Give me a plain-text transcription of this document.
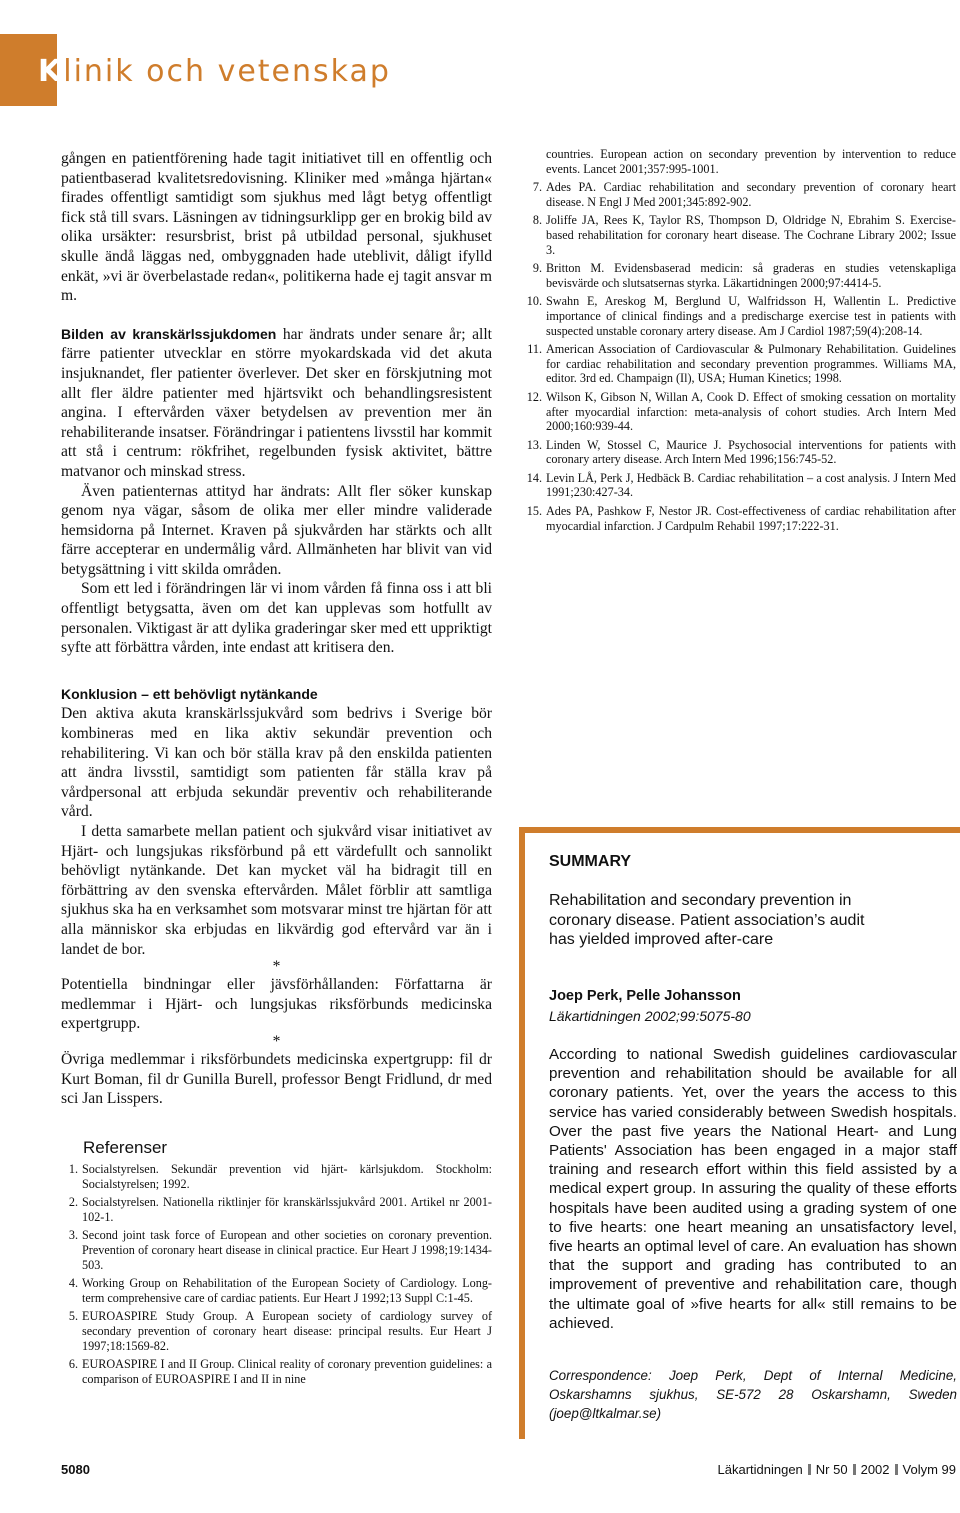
Klinik och vetenskap

gången en patientförening hade tagit initiativet till en offentlig och patientbaserad kvalitetsredovisning. Kliniker med »många hjärtan« firades offentligt samtidigt som sjukhus med lågt betyg offentligt fick stå till svars. Läsningen av tidningsurklipp ger en brokig bild av olika ursäkter: resursbrist, brist på utbildad personal, sjukhuset skulle ändå läggas ned, ombyggnaden hade uteblivit, dåligt ifylld enkät, »vi är överbelastade redan«, politikerna hade ej tagit ansvar m m.

Bilden av kranskärlssjukdomen har ändrats under senare år; allt färre patienter utvecklar en större myokardskada vid det akuta insjuknandet, fler patienter överlever. Det sker en förskjutning mot allt fler äldre patienter med hjärtsvikt och behandlingsresistent angina. I eftervården växer betydelsen av prevention mer än rehabiliterande insatser. Förändringar i patientens livsstil har kommit att stå i centrum: rökfrihet, regelbunden fysisk aktivitet, bättre matvanor och minskad stress.

Även patienternas attityd har ändrats: Allt fler söker kunskap genom nya vägar, såsom de olika mer eller mindre validerade hemsidorna på Internet. Kraven på sjukvården har stärkts och allt färre accepterar en undermålig vård. Allmänheten har blivit van vid betygsättning i vitt skilda områden.

Som ett led i förändringen lär vi inom vården få finna oss i att bli offentligt betygsatta, även om det kan upplevas som hotfullt av personalen. Viktigast är att dylika graderingar sker med ett uppriktigt syfte att förbättra vården, inte endast att kritisera den.

Konklusion – ett behövligt nytänkande

Den aktiva akuta kranskärlssjukvård som bedrivs i Sverige bör kombineras med en lika aktiv sekundär prevention och rehabilitering. Vi kan och bör ställa krav på den enskilda patienten att ändra livsstil, samtidigt som patienten får ställa krav på vårdpersonal att erbjuda sekundär preventiv och rehabiliterande vård.

I detta samarbete mellan patient och sjukvård visar initiativet av Hjärt- och lungsjukas riksförbund på ett värdefullt och sannolikt behövligt nytänkande. Det kan mycket väl ha bidragit till en förbättring av den svenska eftervården. Målet förblir att samtliga sjukhus ska ha en verksamhet som motsvarar minst tre hjärtan för att alla människor ska erbjudas en likvärdig god eftervård var än i landet de bor.

*

Potentiella bindningar eller jävsförhållanden: Författarna är medlemmar i Hjärt- och lungsjukas riksförbunds medicinska expertgrupp.

*

Övriga medlemmar i riksförbundets medicinska expertgrupp: fil dr Kurt Boman, fil dr Gunilla Burell, professor Bengt Fridlund, dr med sci Jan Lisspers.

Referenser
1. Socialstyrelsen. Sekundär prevention vid hjärt- kärlsjukdom. Stockholm: Socialstyrelsen; 1992.
2. Socialstyrelsen. Nationella riktlinjer för kranskärlssjukvård 2001. Artikel nr 2001-102-1.
3. Second joint task force of European and other societies on coronary prevention. Prevention of coronary heart disease in clinical practice. Eur Heart J 1998;19:1434-503.
4. Working Group on Rehabilitation of the European Society of Cardiology. Long-term comprehensive care of cardiac patients. Eur Heart J 1992;13 Suppl C:1-45.
5. EUROASPIRE Study Group. A European society of cardiology survey of secondary prevention of coronary heart disease: principal results. Eur Heart J 1997;18:1569-82.
6. EUROASPIRE I and II Group. Clinical reality of coronary prevention guidelines: a comparison of EUROASPIRE I and II in nine
countries. European action on secondary prevention by intervention to reduce events. Lancet 2001;357:995-1001.
7. Ades PA. Cardiac rehabilitation and secondary prevention of coronary heart disease. N Engl J Med 2001;345:892-902.
8. Joliffe JA, Rees K, Taylor RS, Thompson D, Oldridge N, Ebrahim S. Exercise-based rehabilitation for coronary heart disease. The Cochrane Library 2002; Issue 3.
9. Britton M. Evidensbaserad medicin: så graderas en studies vetenskapliga bevisvärde och slutsatsernas styrka. Läkartidningen 2000;97:4414-5.
10. Swahn E, Areskog M, Berglund U, Walfridsson H, Wallentin L. Predictive importance of clinical findings and a predischarge exercise test in patients with suspected unstable coronary artery disease. Am J Cardiol 1987;59(4):208-14.
11. American Association of Cardiovascular & Pulmonary Rehabilitation. Guidelines for cardiac rehabilitation and secondary prevention programmes. Williams MA, editor. 3rd ed. Champaign (Il), USA; Human Kinetics; 1998.
12. Wilson K, Gibson N, Willan A, Cook D. Effect of smoking cessation on mortality after myocardial infarction: meta-analysis of cohort studies. Arch Intern Med 2000;160:939-44.
13. Linden W, Stossel C, Maurice J. Psychosocial interventions for patients with coronary artery disease. Arch Intern Med 1996;156:745-52.
14. Levin LÅ, Perk J, Hedbäck B. Cardiac rehabilitation – a cost analysis. J Intern Med 1991;230:427-34.
15. Ades PA, Pashkow F, Nestor JR. Cost-effectiveness of cardiac rehabilitation after myocardial infarction. J Cardpulm Rehabil 1997;17:222-31.
SUMMARY
Rehabilitation and secondary prevention in coronary disease. Patient association’s audit has yielded improved after-care
Joep Perk, Pelle Johansson
Läkartidningen 2002;99:5075-80
According to national Swedish guidelines cardiovascular prevention and rehabilitation should be available for all coronary patients. Yet, over the years the access to this service has varied considerably between Swedish hospitals. Over the past five years the National Heart- and Lung Patients' Association has been engaged in a major staff training and research effort within this field assisted by a medical expert group. In assuring the quality of these efforts hospitals have been audited using a grading system of one to five hearts: one heart meaning an unsatisfactory level, five hearts an optimal level of care. An evaluation has shown that the support and grading has contributed to an improvement of preventive and rehabilitation care, though the ultimate goal of »five hearts for all« still remains to be achieved.
Correspondence: Joep Perk, Dept of Internal Medicine, Oskarshamns sjukhus, SE-572 28 Oskarshamn, Sweden (joep@ltkalmar.se)
5080	Läkartidningen Nr 50 2002 Volym 99
